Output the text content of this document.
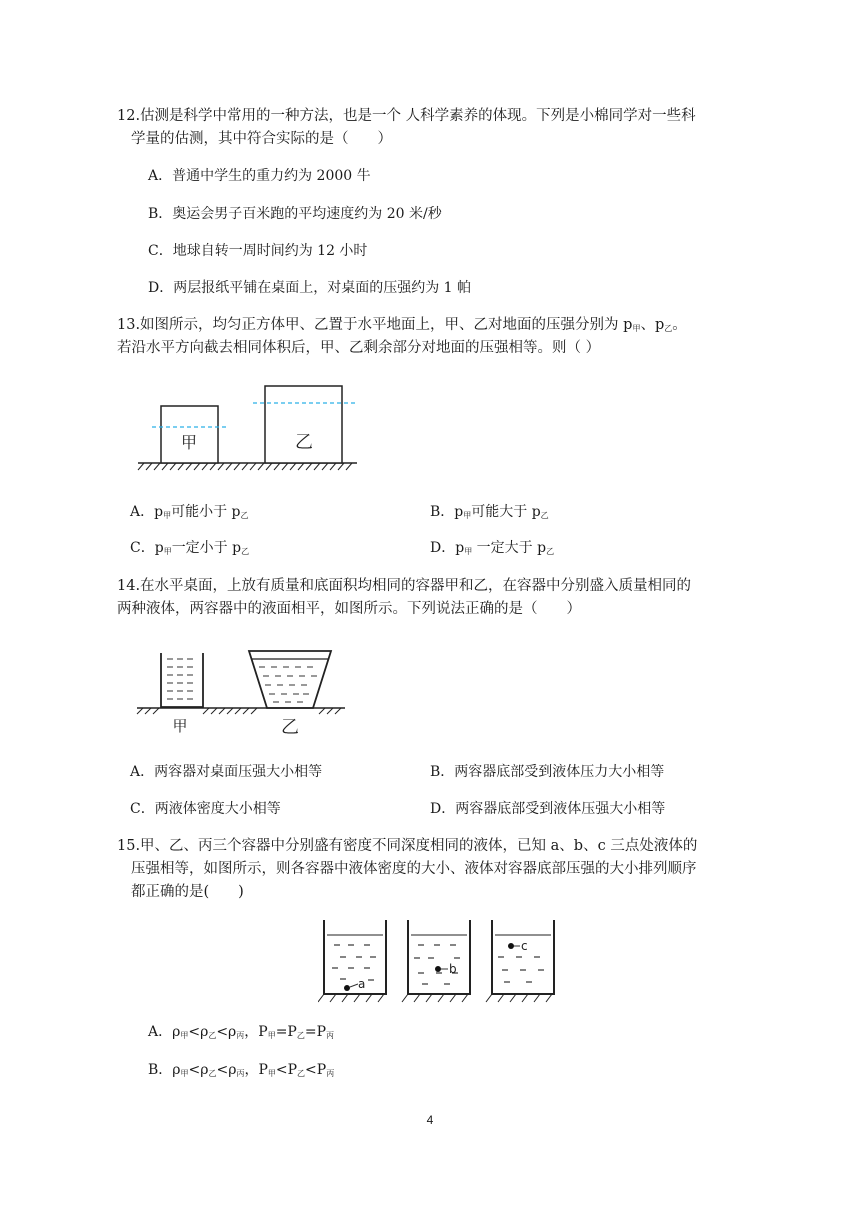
12.估测是科学中常用的一种方法，也是一个 人科学素养的体现。下列是小棉同学对一些科
学量的估测，其中符合实际的是（　　）
A．普通中学生的重力约为 2000 牛
B．奥运会男子百米跑的平均速度约为 20 米/秒
C．地球自转一周时间约为 12 小时
D．两层报纸平铺在桌面上，对桌面的压强约为 1 帕
13.如图所示，均匀正方体甲、乙置于水平地面上，甲、乙对地面的压强分别为 $p_甲$、$p_乙$。
若沿水平方向截去相同体积后，甲、乙剩余部分对地面的压强相等。则（ ）
甲	乙
A．$p_甲$可能小于 $p_乙$	B．$p_甲$可能大于 $p_乙$
C．$p_甲$一定小于 $p_乙$	D．$p_甲$ 一定大于 $p_乙$
14.在水平桌面，上放有质量和底面积均相同的容器甲和乙，在容器中分别盛入质量相同的
两种液体，两容器中的液面相平，如图所示。下列说法正确的是（　　）
甲	乙
A．两容器对桌面压强大小相等	B．两容器底部受到液体压力大小相等
C．两液体密度大小相等	D．两容器底部受到液体压强大小相等
15.甲、乙、丙三个容器中分别盛有密度不同深度相同的液体，已知 a、b、c 三点处液体的
压强相等，如图所示，则各容器中液体密度的大小、液体对容器底部压强的大小排列顺序
都正确的是(　　)
a
b
c
A．$\rho_甲<\rho_乙<\rho_丙$，$P_甲=P_乙=P_丙$
B．$\rho_甲<\rho_乙<\rho_丙$，$P_甲<P_乙<P_丙$
4
